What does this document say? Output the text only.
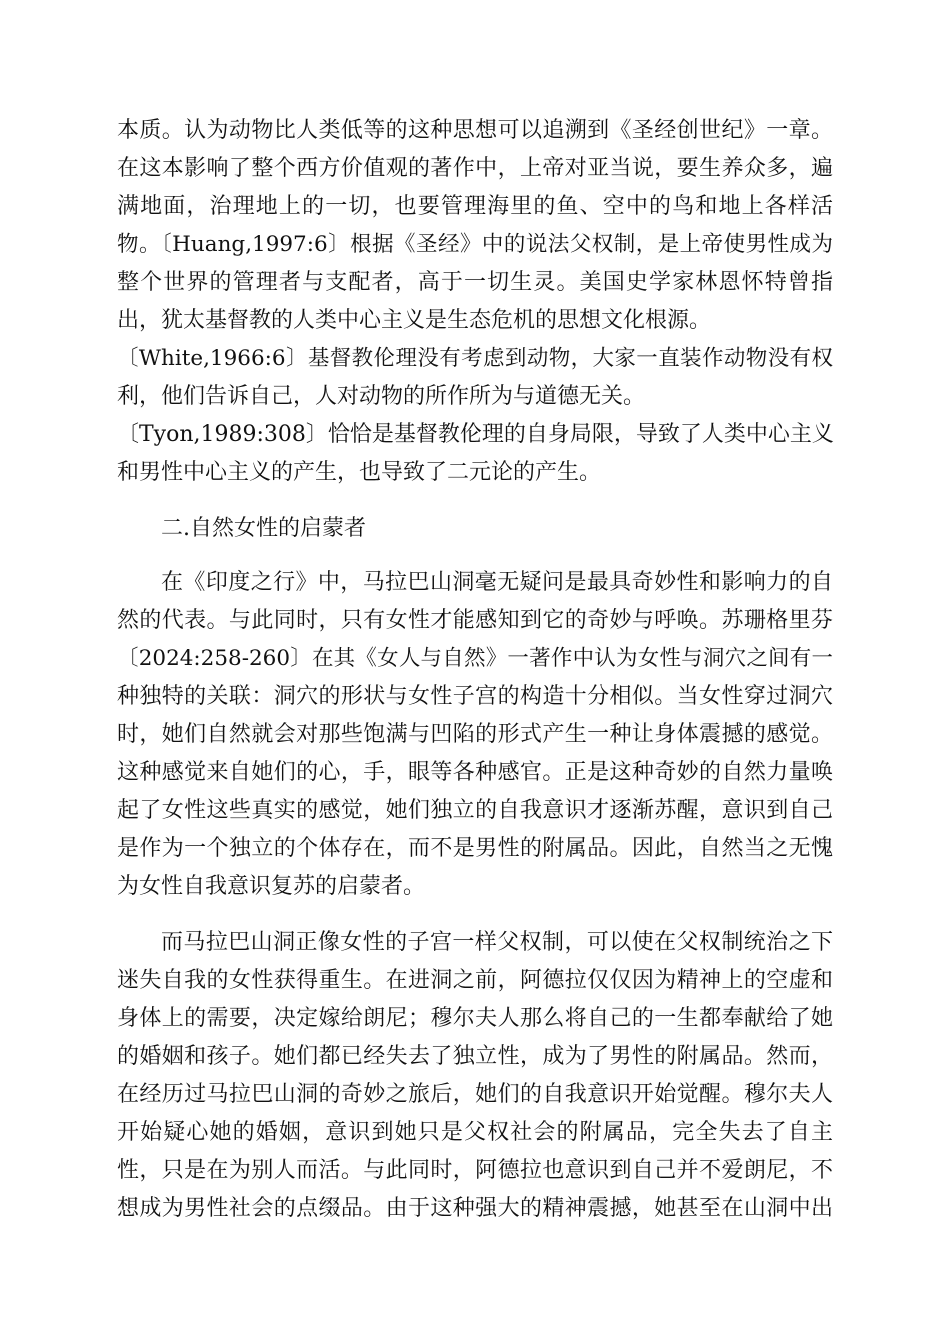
本质。认为动物比人类低等的这种思想可以追溯到《圣经创世纪》一章。
在这本影响了整个西方价值观的著作中，上帝对亚当说，要生养众多，遍
满地面，治理地上的一切，也要管理海里的鱼、空中的鸟和地上各样活
物。〔Huang,1997:6〕根据《圣经》中的说法父权制，是上帝使男性成为
整个世界的管理者与支配者，高于一切生灵。美国史学家林恩怀特曾指
出，犹太基督教的人类中心主义是生态危机的思想文化根源。
〔White,1966:6〕基督教伦理没有考虑到动物，大家一直装作动物没有权
利，他们告诉自己，人对动物的所作所为与道德无关。
〔Tyon,1989:308〕恰恰是基督教伦理的自身局限，导致了人类中心主义
和男性中心主义的产生，也导致了二元论的产生。
二.自然女性的启蒙者
在《印度之行》中，马拉巴山洞毫无疑问是最具奇妙性和影响力的自
然的代表。与此同时，只有女性才能感知到它的奇妙与呼唤。苏珊格里芬
〔2024:258-260〕在其《女人与自然》一著作中认为女性与洞穴之间有一
种独特的关联：洞穴的形状与女性子宫的构造十分相似。当女性穿过洞穴
时，她们自然就会对那些饱满与凹陷的形式产生一种让身体震撼的感觉。
这种感觉来自她们的心，手，眼等各种感官。正是这种奇妙的自然力量唤
起了女性这些真实的感觉，她们独立的自我意识才逐渐苏醒，意识到自己
是作为一个独立的个体存在，而不是男性的附属品。因此，自然当之无愧
为女性自我意识复苏的启蒙者。
而马拉巴山洞正像女性的子宫一样父权制，可以使在父权制统治之下
迷失自我的女性获得重生。在进洞之前，阿德拉仅仅因为精神上的空虚和
身体上的需要，决定嫁给朗尼；穆尔夫人那么将自己的一生都奉献给了她
的婚姻和孩子。她们都已经失去了独立性，成为了男性的附属品。然而，
在经历过马拉巴山洞的奇妙之旅后，她们的自我意识开始觉醒。穆尔夫人
开始疑心她的婚姻，意识到她只是父权社会的附属品，完全失去了自主
性，只是在为别人而活。与此同时，阿德拉也意识到自己并不爱朗尼，不
想成为男性社会的点缀品。由于这种强大的精神震撼，她甚至在山洞中出
